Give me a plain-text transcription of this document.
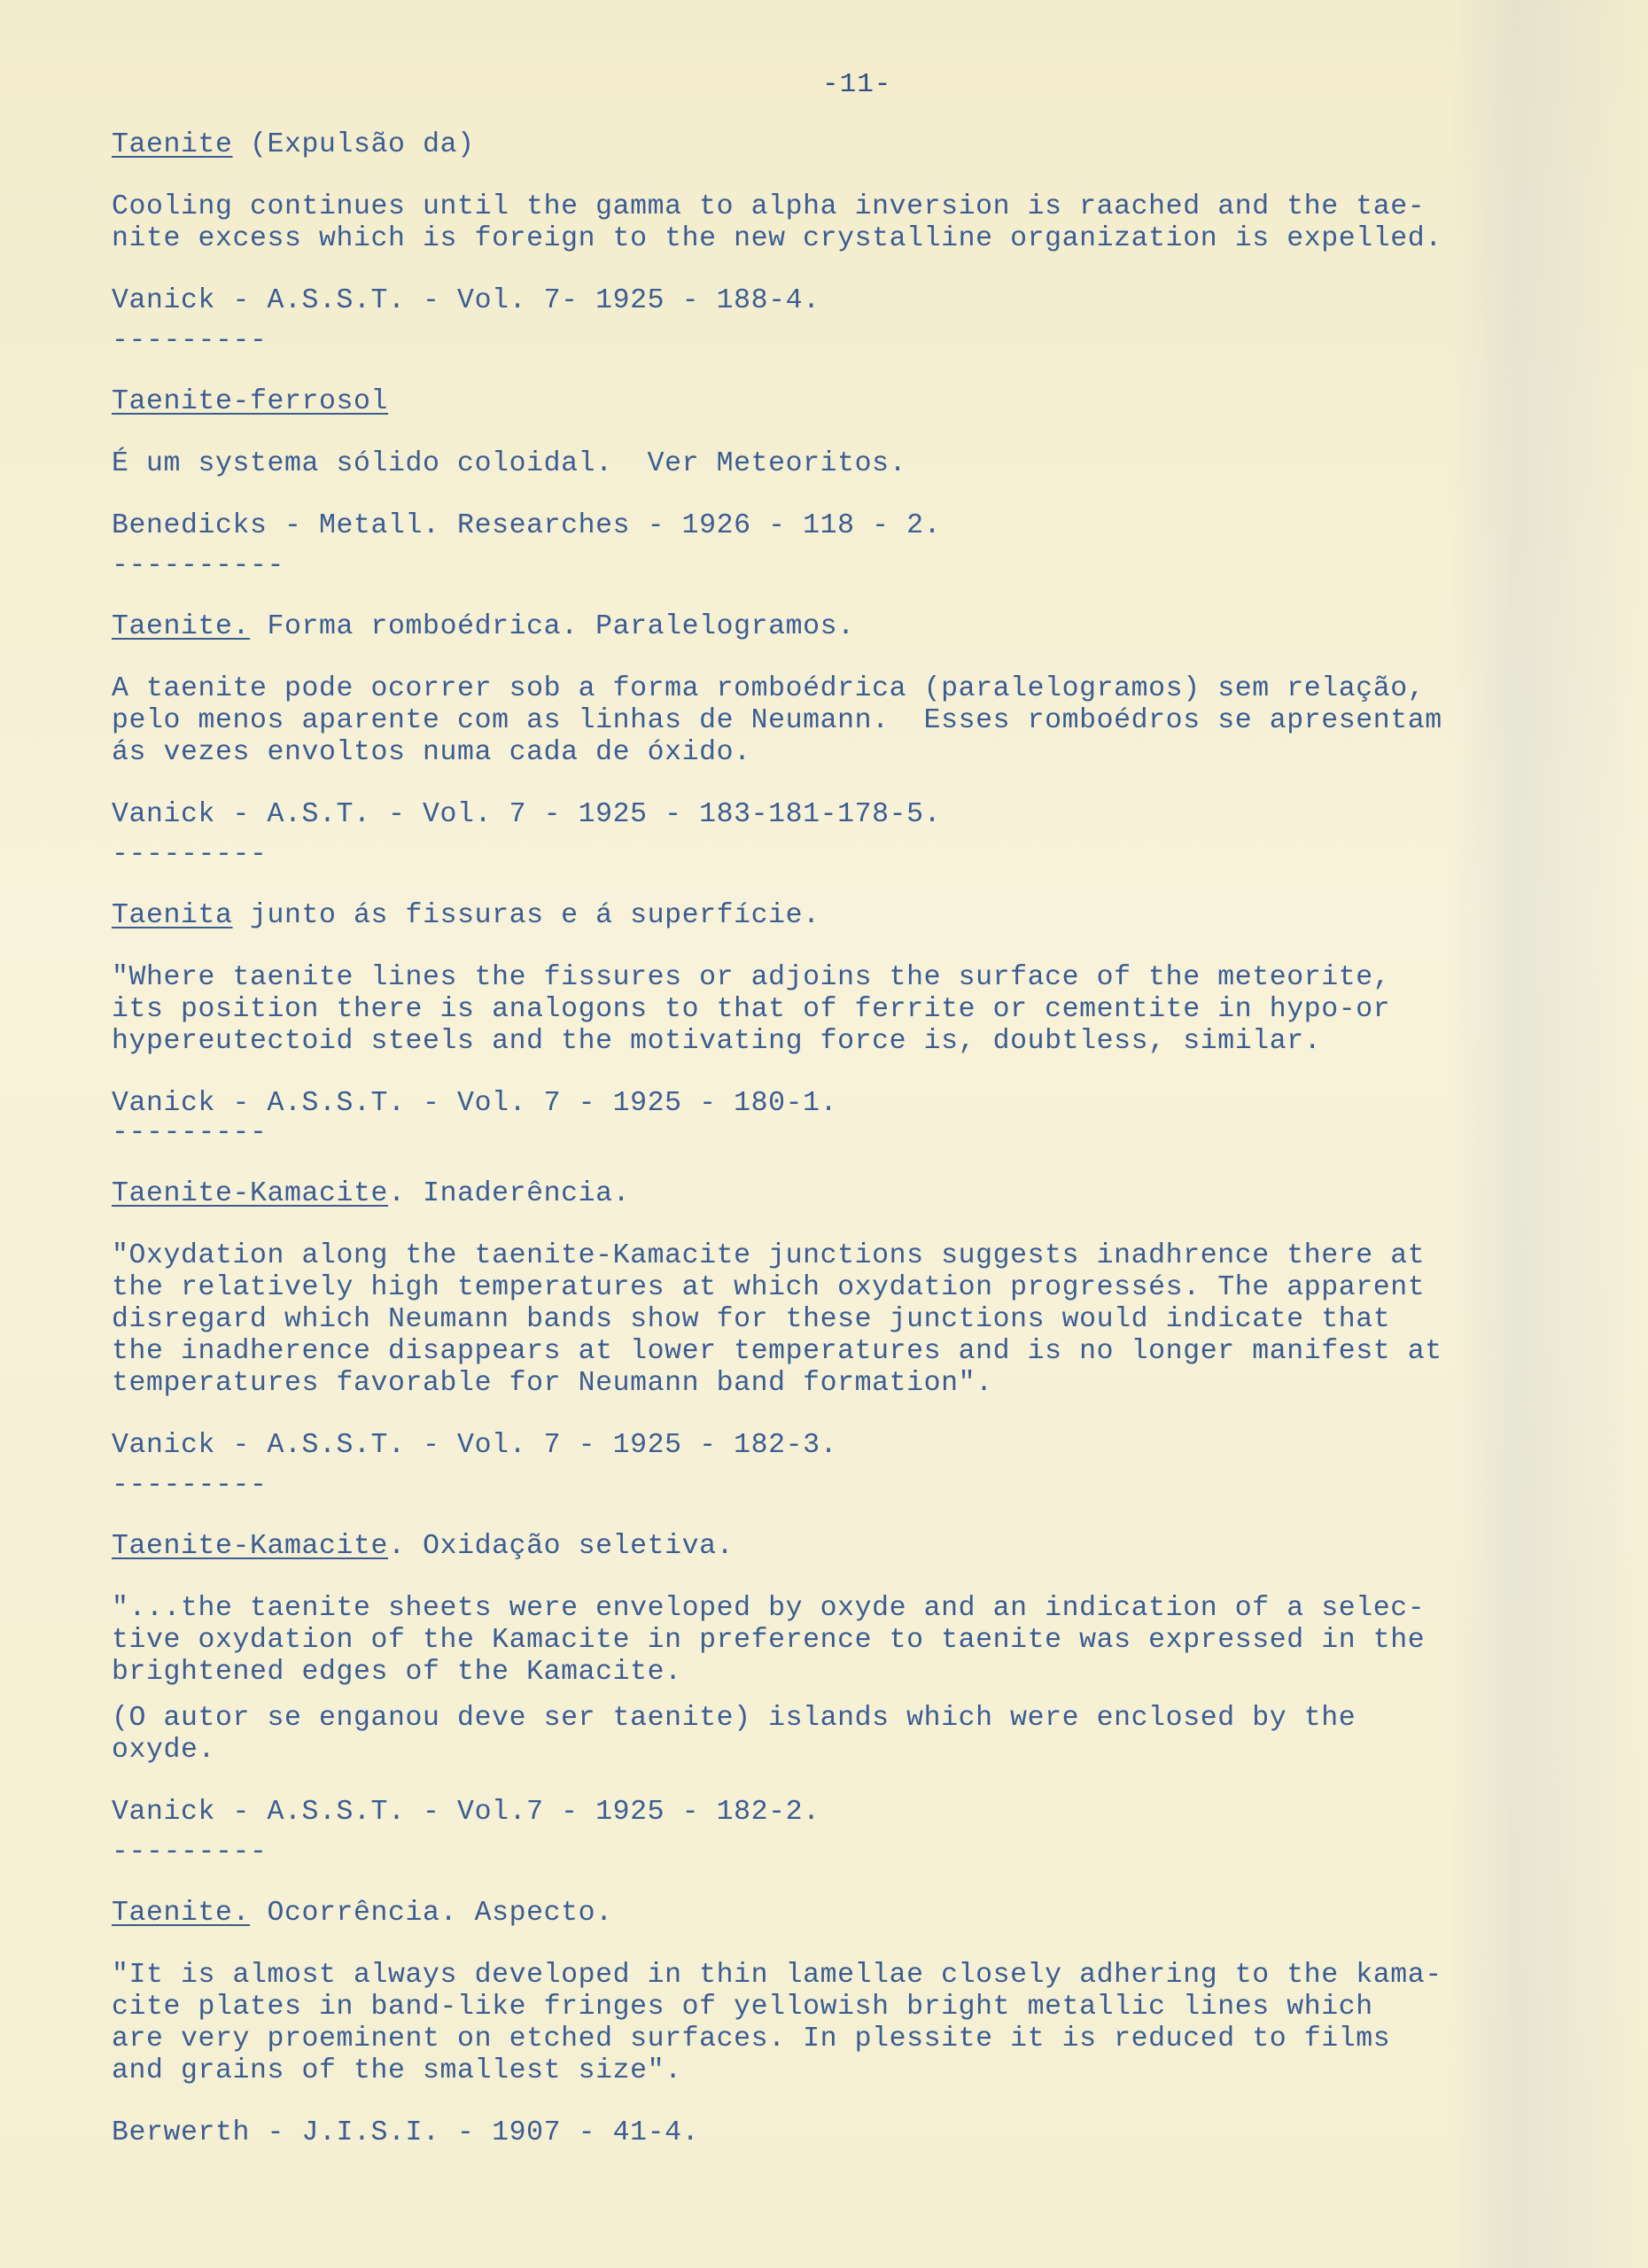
-11-
Taenite (Expulsão da)
Cooling continues until the gamma to alpha inversion is raached and the tae-
nite excess which is foreign to the new crystalline organization is expelled.
Vanick - A.S.S.T. - Vol. 7- 1925 - 188-4.
---------
Taenite-ferrosol
É um systema sólido coloidal.  Ver Meteoritos.
Benedicks - Metall. Researches - 1926 - 118 - 2.
----------
Taenite. Forma romboédrica. Paralelogramos.
A taenite pode ocorrer sob a forma romboédrica (paralelogramos) sem relação,
pelo menos aparente com as linhas de Neumann.  Esses romboédros se apresentam
ás vezes envoltos numa cada de óxido.
Vanick - A.S.T. - Vol. 7 - 1925 - 183-181-178-5.
---------
Taenita junto ás fissuras e á superfície.
"Where taenite lines the fissures or adjoins the surface of the meteorite,
its position there is analogons to that of ferrite or cementite in hypo-or
hypereutectoid steels and the motivating force is, doubtless, similar.
Vanick - A.S.S.T. - Vol. 7 - 1925 - 180-1.
---------
Taenite-Kamacite. Inaderência.
"Oxydation along the taenite-Kamacite junctions suggests inadhrence there at
the relatively high temperatures at which oxydation progressés. The apparent
disregard which Neumann bands show for these junctions would indicate that
the inadherence disappears at lower temperatures and is no longer manifest at
temperatures favorable for Neumann band formation".
Vanick - A.S.S.T. - Vol. 7 - 1925 - 182-3.
---------
Taenite-Kamacite. Oxidação seletiva.
"...the taenite sheets were enveloped by oxyde and an indication of a selec-
tive oxydation of the Kamacite in preference to taenite was expressed in the
brightened edges of the Kamacite.
(O autor se enganou deve ser taenite) islands which were enclosed by the
oxyde.
Vanick - A.S.S.T. - Vol.7 - 1925 - 182-2.
---------
Taenite. Ocorrência. Aspecto.
"It is almost always developed in thin lamellae closely adhering to the kama-
cite plates in band-like fringes of yellowish bright metallic lines which
are very proeminent on etched surfaces. In plessite it is reduced to films
and grains of the smallest size".
Berwerth - J.I.S.I. - 1907 - 41-4.
